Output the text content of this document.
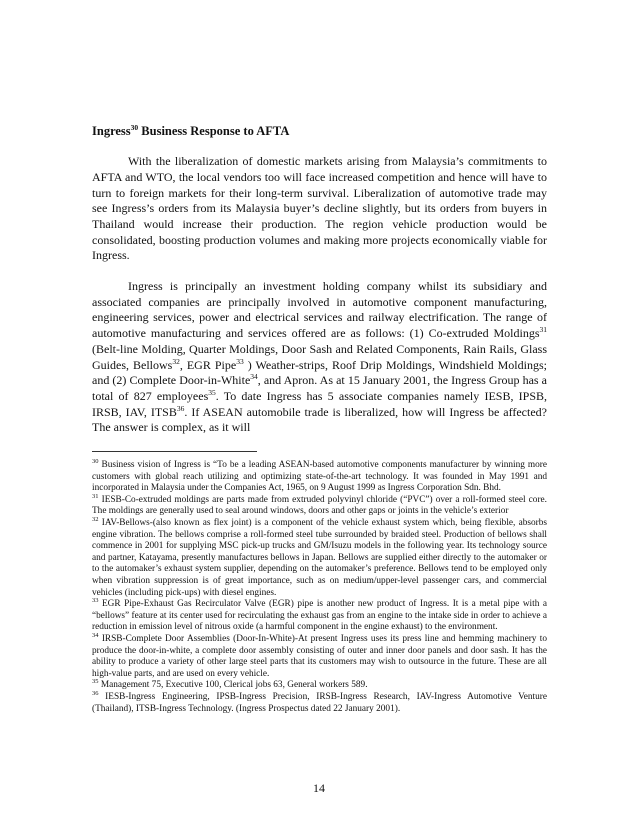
Ingress$^{30}$ Business Response to AFTA

With the liberalization of domestic markets arising from Malaysia’s commitments to AFTA and WTO, the local vendors too will face increased competition and hence will have to turn to foreign markets for their long-term survival. Liberalization of automotive trade may see Ingress’s orders from its Malaysia buyer’s decline slightly, but its orders from buyers in Thailand would increase their production. The region vehicle production would be consolidated, boosting production volumes and making more projects economically viable for Ingress.

Ingress is principally an investment holding company whilst its subsidiary and associated companies are principally involved in automotive component manufacturing, engineering services, power and electrical services and railway electrification. The range of automotive manufacturing and services offered are as follows: (1) Co-extruded Moldings$^{31}$ (Belt-line Molding, Quarter Moldings, Door Sash and Related Components, Rain Rails, Glass Guides, Bellows$^{32}$, EGR Pipe$^{33}$ ) Weather-strips, Roof Drip Moldings, Windshield Moldings; and (2) Complete Door-in-White$^{34}$, and Apron. As at 15 January 2001, the Ingress Group has a total of 827 employees$^{35}$. To date Ingress has 5 associate companies namely IESB, IPSB, IRSB, IAV, ITSB$^{36}$. If ASEAN automobile trade is liberalized, how will Ingress be affected? The answer is complex, as it will

$^{30}$ Business vision of Ingress is “To be a leading ASEAN-based automotive components manufacturer by winning more customers with global reach utilizing and optimizing state-of-the-art technology. It was founded in May 1991 and incorporated in Malaysia under the Companies Act, 1965, on 9 August 1999 as Ingress Corporation Sdn. Bhd.

$^{31}$ IESB-Co-extruded moldings are parts made from extruded polyvinyl chloride (“PVC”) over a roll-formed steel core. The moldings are generally used to seal around windows, doors and other gaps or joints in the vehicle’s exterior

$^{32}$ IAV-Bellows-(also known as flex joint) is a component of the vehicle exhaust system which, being flexible, absorbs engine vibration. The bellows comprise a roll-formed steel tube surrounded by braided steel. Production of bellows shall commence in 2001 for supplying MSC pick-up trucks and GM/Isuzu models in the following year. Its technology source and partner, Katayama, presently manufactures bellows in Japan. Bellows are supplied either directly to the automaker or to the automaker’s exhaust system supplier, depending on the automaker’s preference. Bellows tend to be employed only when vibration suppression is of great importance, such as on medium/upper-level passenger cars, and commercial vehicles (including pick-ups) with diesel engines.

$^{33}$ EGR Pipe-Exhaust Gas Recirculator Valve (EGR) pipe is another new product of Ingress. It is a metal pipe with a “bellows” feature at its center used for recirculating the exhaust gas from an engine to the intake side in order to achieve a reduction in emission level of nitrous oxide (a harmful component in the engine exhaust) to the environment.

$^{34}$ IRSB-Complete Door Assemblies (Door-In-White)-At present Ingress uses its press line and hemming machinery to produce the door-in-white, a complete door assembly consisting of outer and inner door panels and door sash. It has the ability to produce a variety of other large steel parts that its customers may wish to outsource in the future. These are all high-value parts, and are used on every vehicle.

$^{35}$ Management 75, Executive 100, Clerical jobs 63, General workers 589.

$^{36}$ IESB-Ingress Engineering, IPSB-Ingress Precision, IRSB-Ingress Research, IAV-Ingress Automotive Venture (Thailand), ITSB-Ingress Technology. (Ingress Prospectus dated 22 January 2001).

14
